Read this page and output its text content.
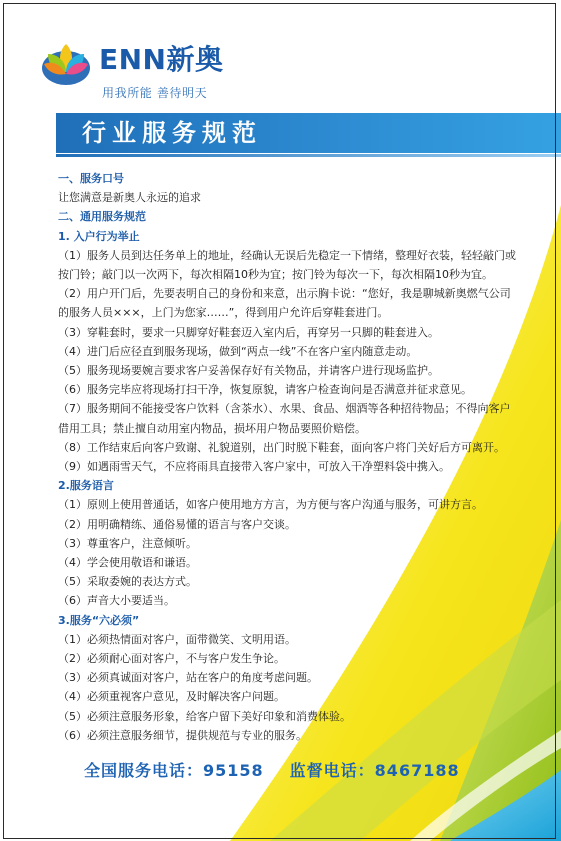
ENN新奥
用我所能 善待明天
行业服务规范
一、服务口号
让您满意是新奥人永远的追求
二、通用服务规范
1. 入户行为举止
（1）服务人员到达任务单上的地址，经确认无误后先稳定一下情绪，整理好衣装，轻轻敲门或按门铃；敲门以一次两下，每次相隔10秒为宜；按门铃为每次一下，每次相隔10秒为宜。
（2）用户开门后，先要表明自己的身份和来意，出示胸卡说：“您好，我是聊城新奥燃气公司的服务人员×××，上门为您家……”，得到用户允许后穿鞋套进门。
（3）穿鞋套时，要求一只脚穿好鞋套迈入室内后，再穿另一只脚的鞋套进入。
（4）进门后应径直到服务现场，做到“两点一线”不在客户室内随意走动。
（5）服务现场要婉言要求客户妥善保存好有关物品，并请客户进行现场监护。
（6）服务完毕应将现场打扫干净，恢复原貌，请客户检查询问是否满意并征求意见。
（7）服务期间不能接受客户饮料（含茶水）、水果、食品、烟酒等各种招待物品；不得向客户借用工具；禁止擅自动用室内物品，损坏用户物品要照价赔偿。
（8）工作结束后向客户致谢、礼貌道别，出门时脱下鞋套，面向客户将门关好后方可离开。
（9）如遇雨雪天气，不应将雨具直接带入客户家中，可放入干净塑料袋中携入。
2.服务语言
（1）原则上使用普通话，如客户使用地方方言，为方便与客户沟通与服务，可讲方言。
（2）用明确精练、通俗易懂的语言与客户交谈。
（3）尊重客户，注意倾听。
（4）学会使用敬语和谦语。
（5）采取委婉的表达方式。
（6）声音大小要适当。
3.服务“六必须”
（1）必须热情面对客户，面带微笑、文明用语。
（2）必须耐心面对客户，不与客户发生争论。
（3）必须真诚面对客户，站在客户的角度考虑问题。
（4）必须重视客户意见，及时解决客户问题。
（5）必须注意服务形象，给客户留下美好印象和消费体验。
（6）必须注意服务细节，提供规范与专业的服务。
全国服务电话：95158 监督电话：8467188
